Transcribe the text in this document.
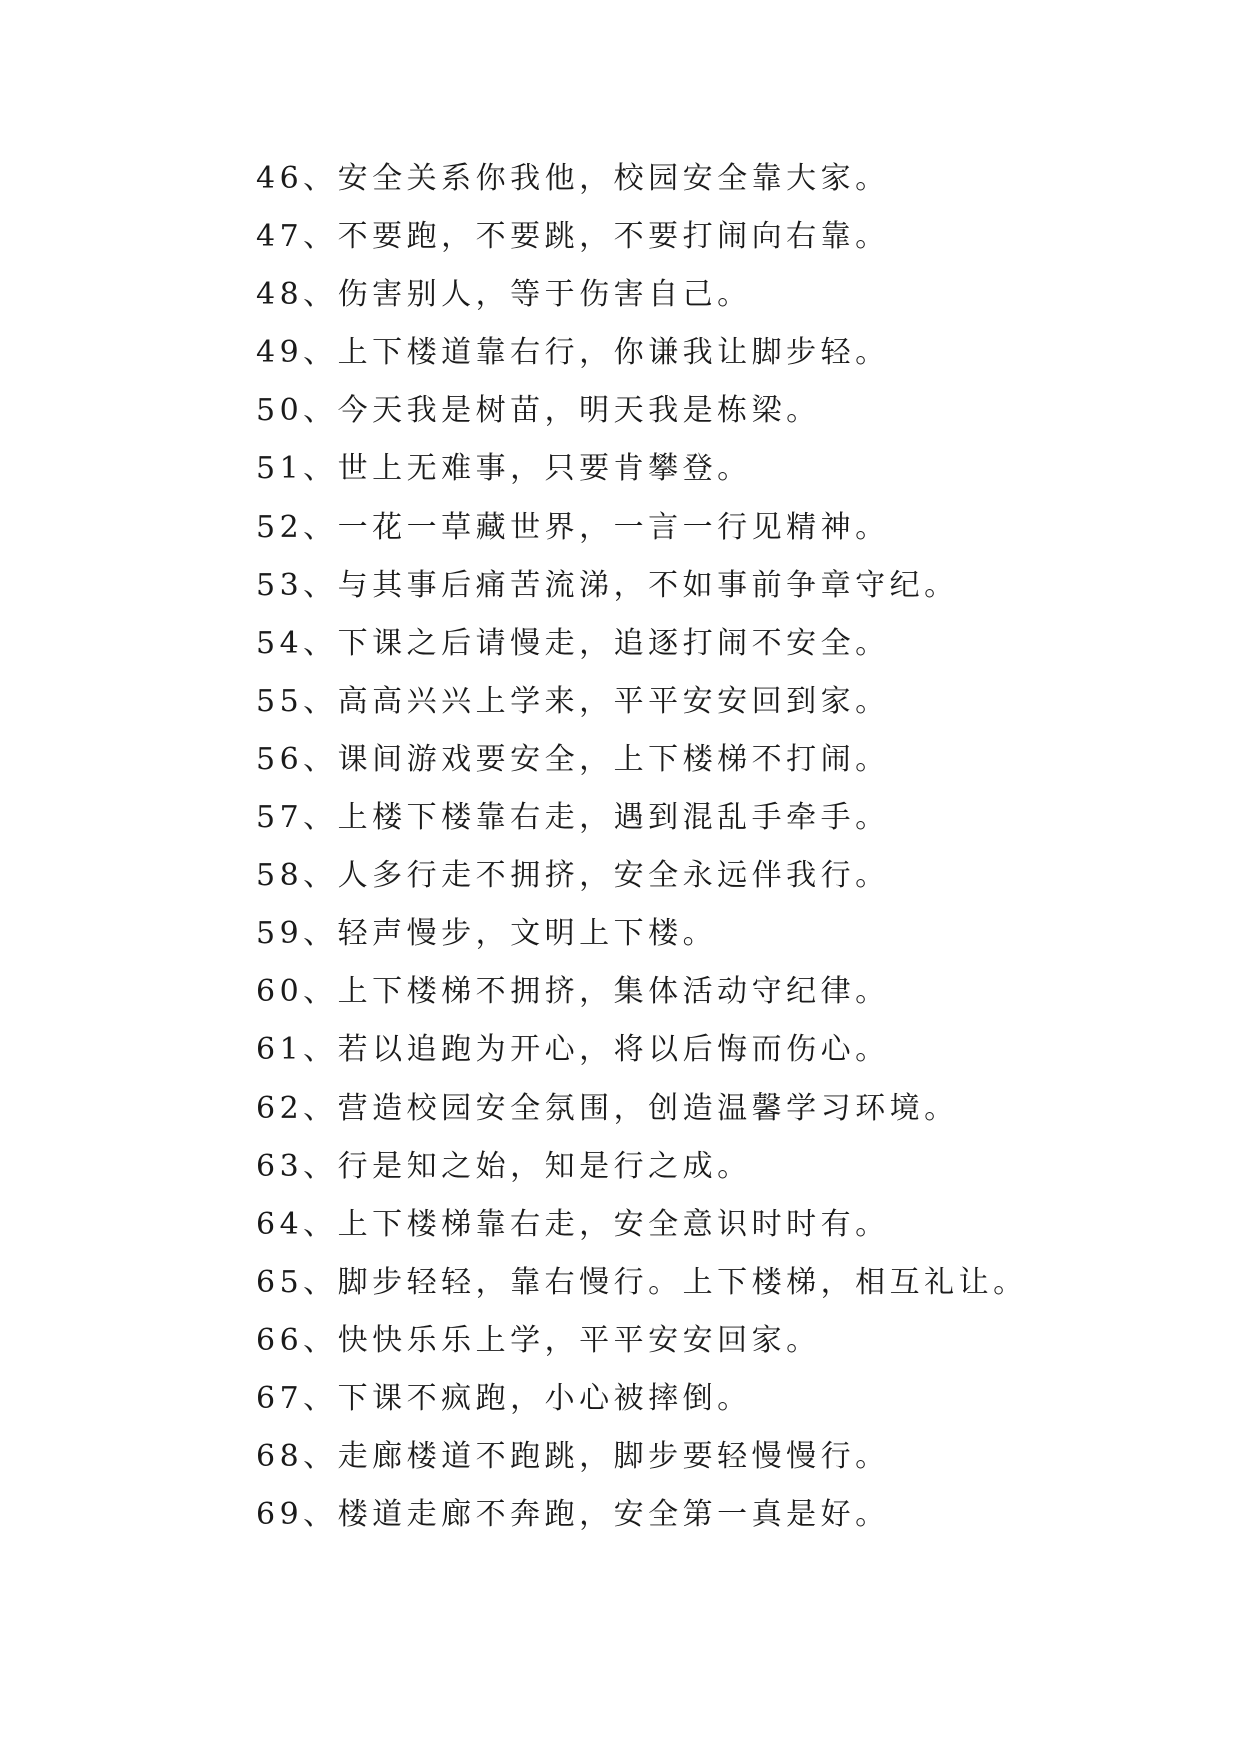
46、安全关系你我他，校园安全靠大家。
47、不要跑，不要跳，不要打闹向右靠。
48、伤害别人，等于伤害自己。
49、上下楼道靠右行，你谦我让脚步轻。
50、今天我是树苗，明天我是栋梁。
51、世上无难事，只要肯攀登。
52、一花一草藏世界，一言一行见精神。
53、与其事后痛苦流涕，不如事前争章守纪。
54、下课之后请慢走，追逐打闹不安全。
55、高高兴兴上学来，平平安安回到家。
56、课间游戏要安全，上下楼梯不打闹。
57、上楼下楼靠右走，遇到混乱手牵手。
58、人多行走不拥挤，安全永远伴我行。
59、轻声慢步，文明上下楼。
60、上下楼梯不拥挤，集体活动守纪律。
61、若以追跑为开心，将以后悔而伤心。
62、营造校园安全氛围，创造温馨学习环境。
63、行是知之始，知是行之成。
64、上下楼梯靠右走，安全意识时时有。
65、脚步轻轻，靠右慢行。上下楼梯，相互礼让。
66、快快乐乐上学，平平安安回家。
67、下课不疯跑，小心被摔倒。
68、走廊楼道不跑跳，脚步要轻慢慢行。
69、楼道走廊不奔跑，安全第一真是好。
